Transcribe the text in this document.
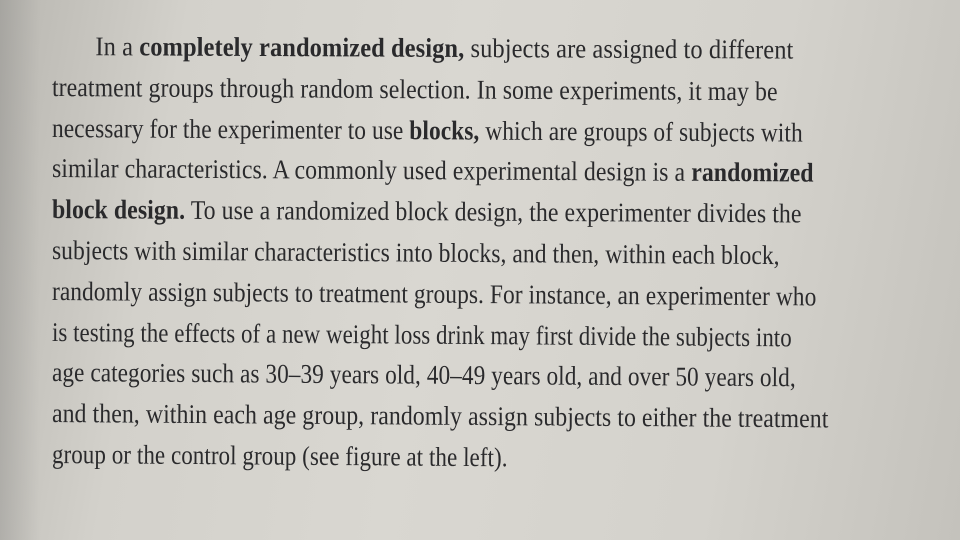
In a completely randomized design, subjects are assigned to different
treatment groups through random selection. In some experiments, it may be
necessary for the experimenter to use blocks, which are groups of subjects with
similar characteristics. A commonly used experimental design is a randomized
block design. To use a randomized block design, the experimenter divides the
subjects with similar characteristics into blocks, and then, within each block,
randomly assign subjects to treatment groups. For instance, an experimenter who
is testing the effects of a new weight loss drink may first divide the subjects into
age categories such as 30–39 years old, 40–49 years old, and over 50 years old,
and then, within each age group, randomly assign subjects to either the treatment
group or the control group (see figure at the left).
